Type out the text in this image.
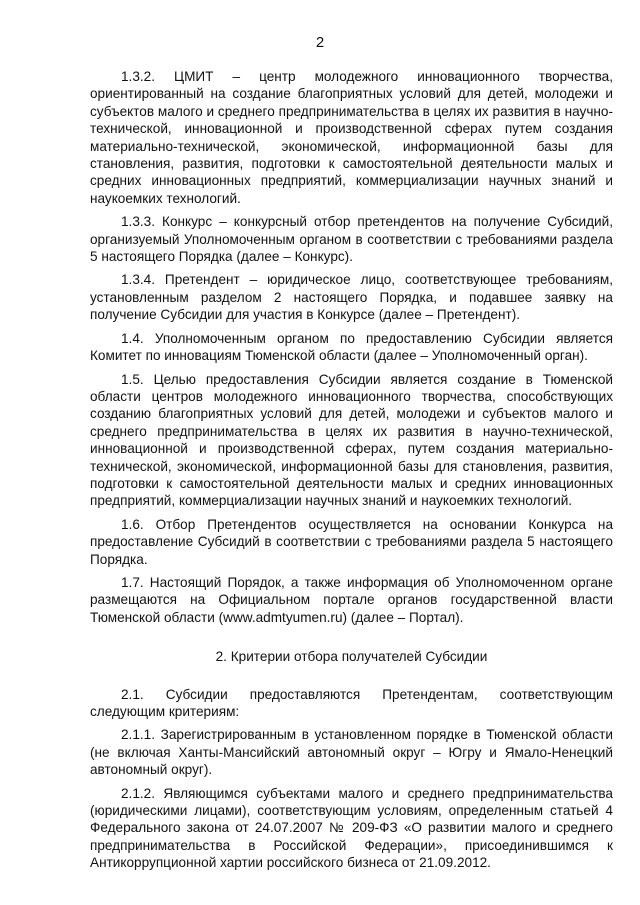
2

1.3.2. ЦМИТ – центр молодежного инновационного творчества, ориентированный на создание благоприятных условий для детей, молодежи и субъектов малого и среднего предпринимательства в целях их развития в научно-технической, инновационной и производственной сферах путем создания материально-технической, экономической, информационной базы для становления, развития, подготовки к самостоятельной деятельности малых и средних инновационных предприятий, коммерциализации научных знаний и наукоемких технологий.

1.3.3. Конкурс – конкурсный отбор претендентов на получение Субсидий, организуемый Уполномоченным органом в соответствии с требованиями раздела 5 настоящего Порядка (далее – Конкурс).

1.3.4. Претендент – юридическое лицо, соответствующее требованиям, установленным разделом 2 настоящего Порядка, и подавшее заявку на получение Субсидии для участия в Конкурсе (далее – Претендент).

1.4. Уполномоченным органом по предоставлению Субсидии является Комитет по инновациям Тюменской области (далее – Уполномоченный орган).

1.5. Целью предоставления Субсидии является создание в Тюменской области центров молодежного инновационного творчества, способствующих созданию благоприятных условий для детей, молодежи и субъектов малого и среднего предпринимательства в целях их развития в научно-технической, инновационной и производственной сферах, путем создания материально-технической, экономической, информационной базы для становления, развития, подготовки к самостоятельной деятельности малых и средних инновационных предприятий, коммерциализации научных знаний и наукоемких технологий.

1.6. Отбор Претендентов осуществляется на основании Конкурса на предоставление Субсидий в соответствии с требованиями раздела 5 настоящего Порядка.

1.7. Настоящий Порядок, а также информация об Уполномоченном органе размещаются на Официальном портале органов государственной власти Тюменской области (www.admtyumen.ru) (далее – Портал).

2. Критерии отбора получателей Субсидии

2.1. Субсидии предоставляются Претендентам, соответствующим следующим критериям:

2.1.1. Зарегистрированным в установленном порядке в Тюменской области (не включая Ханты-Мансийский автономный округ – Югру и Ямало-Ненецкий автономный округ).

2.1.2. Являющимся субъектами малого и среднего предпринимательства (юридическими лицами), соответствующим условиям, определенным статьей 4 Федерального закона от 24.07.2007 № 209-ФЗ «О развитии малого и среднего предпринимательства в Российской Федерации», присоединившимся к Антикоррупционной хартии российского бизнеса от 21.09.2012.
